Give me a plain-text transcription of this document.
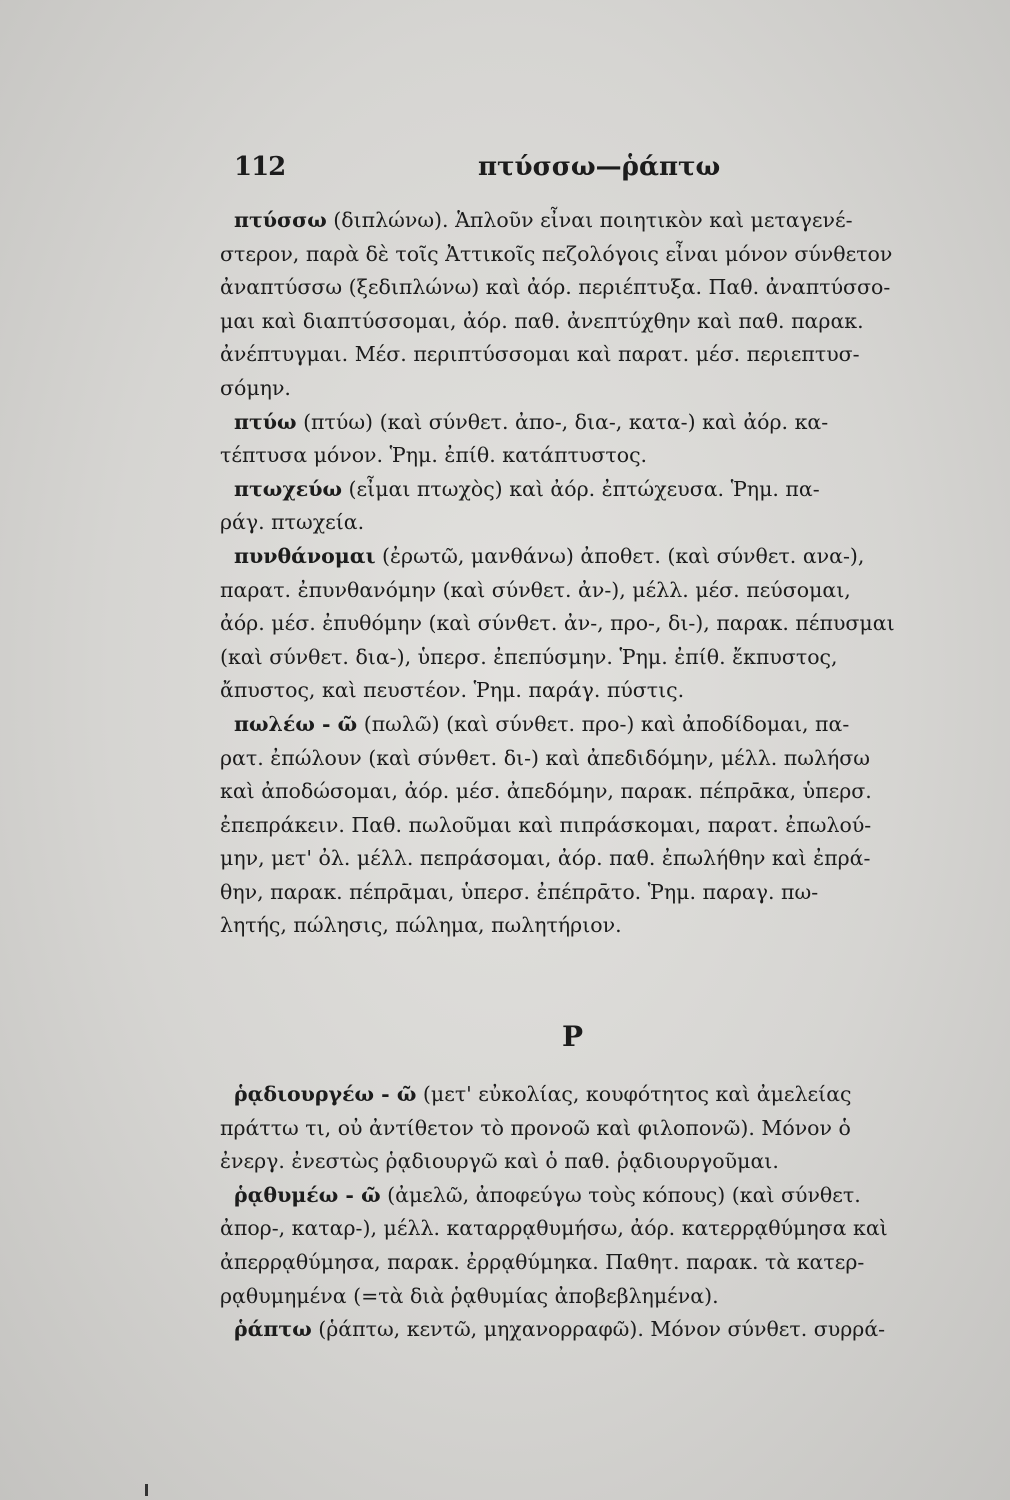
112	πτύσσω—ῥάπτω
πτύσσω (διπλώνω). Ἁπλοῦν εἶναι ποιητικὸν καὶ μεταγενέ-
στερον, παρὰ δὲ τοῖς Ἀττικοῖς πεζολόγοις εἶναι μόνον σύνθετον
ἀναπτύσσω (ξεδιπλώνω) καὶ ἀόρ. περιέπτυξα. Παθ. ἀναπτύσσο-
μαι καὶ διαπτύσσομαι, ἀόρ. παθ. ἀνεπτύχθην καὶ παθ. παρακ.
ἀνέπτυγμαι. Μέσ. περιπτύσσομαι καὶ παρατ. μέσ. περιεπτυσ-
σόμην.
πτύω (πτύω) (καὶ σύνθετ. ἀπο-, δια-, κατα-) καὶ ἀόρ. κα-
τέπτυσα μόνον. Ῥημ. ἐπίθ. κατάπτυστος.
πτωχεύω (εἶμαι πτωχὸς) καὶ ἀόρ. ἐπτώχευσα. Ῥημ. πα-
ράγ. πτωχεία.
πυνθάνομαι (ἐρωτῶ, μανθάνω) ἀποθετ. (καὶ σύνθετ. ανα-),
παρατ. ἐπυνθανόμην (καὶ σύνθετ. ἀν-), μέλλ. μέσ. πεύσομαι,
ἀόρ. μέσ. ἐπυθόμην (καὶ σύνθετ. ἀν-, προ-, δι-), παρακ. πέπυσμαι
(καὶ σύνθετ. δια-), ὑπερσ. ἐπεπύσμην. Ῥημ. ἐπίθ. ἔκπυστος,
ἄπυστος, καὶ πευστέον. Ῥημ. παράγ. πύστις.
πωλέω - ῶ (πωλῶ) (καὶ σύνθετ. προ-) καὶ ἀποδίδομαι, πα-
ρατ. ἐπώλουν (καὶ σύνθετ. δι-) καὶ ἀπεδιδόμην, μέλλ. πωλήσω
καὶ ἀποδώσομαι, ἀόρ. μέσ. ἀπεδόμην, παρακ. πέπρᾱκα, ὑπερσ.
ἐπεπράκειν. Παθ. πωλοῦμαι καὶ πιπράσκομαι, παρατ. ἐπωλού-
μην, μετ' ὀλ. μέλλ. πεπράσομαι, ἀόρ. παθ. ἐπωλήθην καὶ ἐπρά-
θην, παρακ. πέπρᾱμαι, ὑπερσ. ἐπέπρᾱτο. Ῥημ. παραγ. πω-
λητής, πώλησις, πώλημα, πωλητήριον.
Ρ
ῥᾳδιουργέω - ῶ (μετ' εὐκολίας, κουφότητος καὶ ἀμελείας
πράττω τι, οὐ ἀντίθετον τὸ προνοῶ καὶ φιλοπονῶ). Μόνον ὁ
ἐνεργ. ἐνεστὼς ῥᾳδιουργῶ καὶ ὁ παθ. ῥᾳδιουργοῦμαι.
ῥᾳθυμέω - ῶ (ἀμελῶ, ἀποφεύγω τοὺς κόπους) (καὶ σύνθετ.
ἀπορ-, καταρ-), μέλλ. καταρρᾳθυμήσω, ἀόρ. κατερρᾳθύμησα καὶ
ἀπερρᾳθύμησα, παρακ. ἐρρᾳθύμηκα. Παθητ. παρακ. τὰ κατερ-
ρᾳθυμημένα (=τὰ διὰ ῥᾳθυμίας ἀποβεβλημένα).
ῥάπτω (ῥάπτω, κεντῶ, μηχανορραφῶ). Μόνον σύνθετ. συρρά-
